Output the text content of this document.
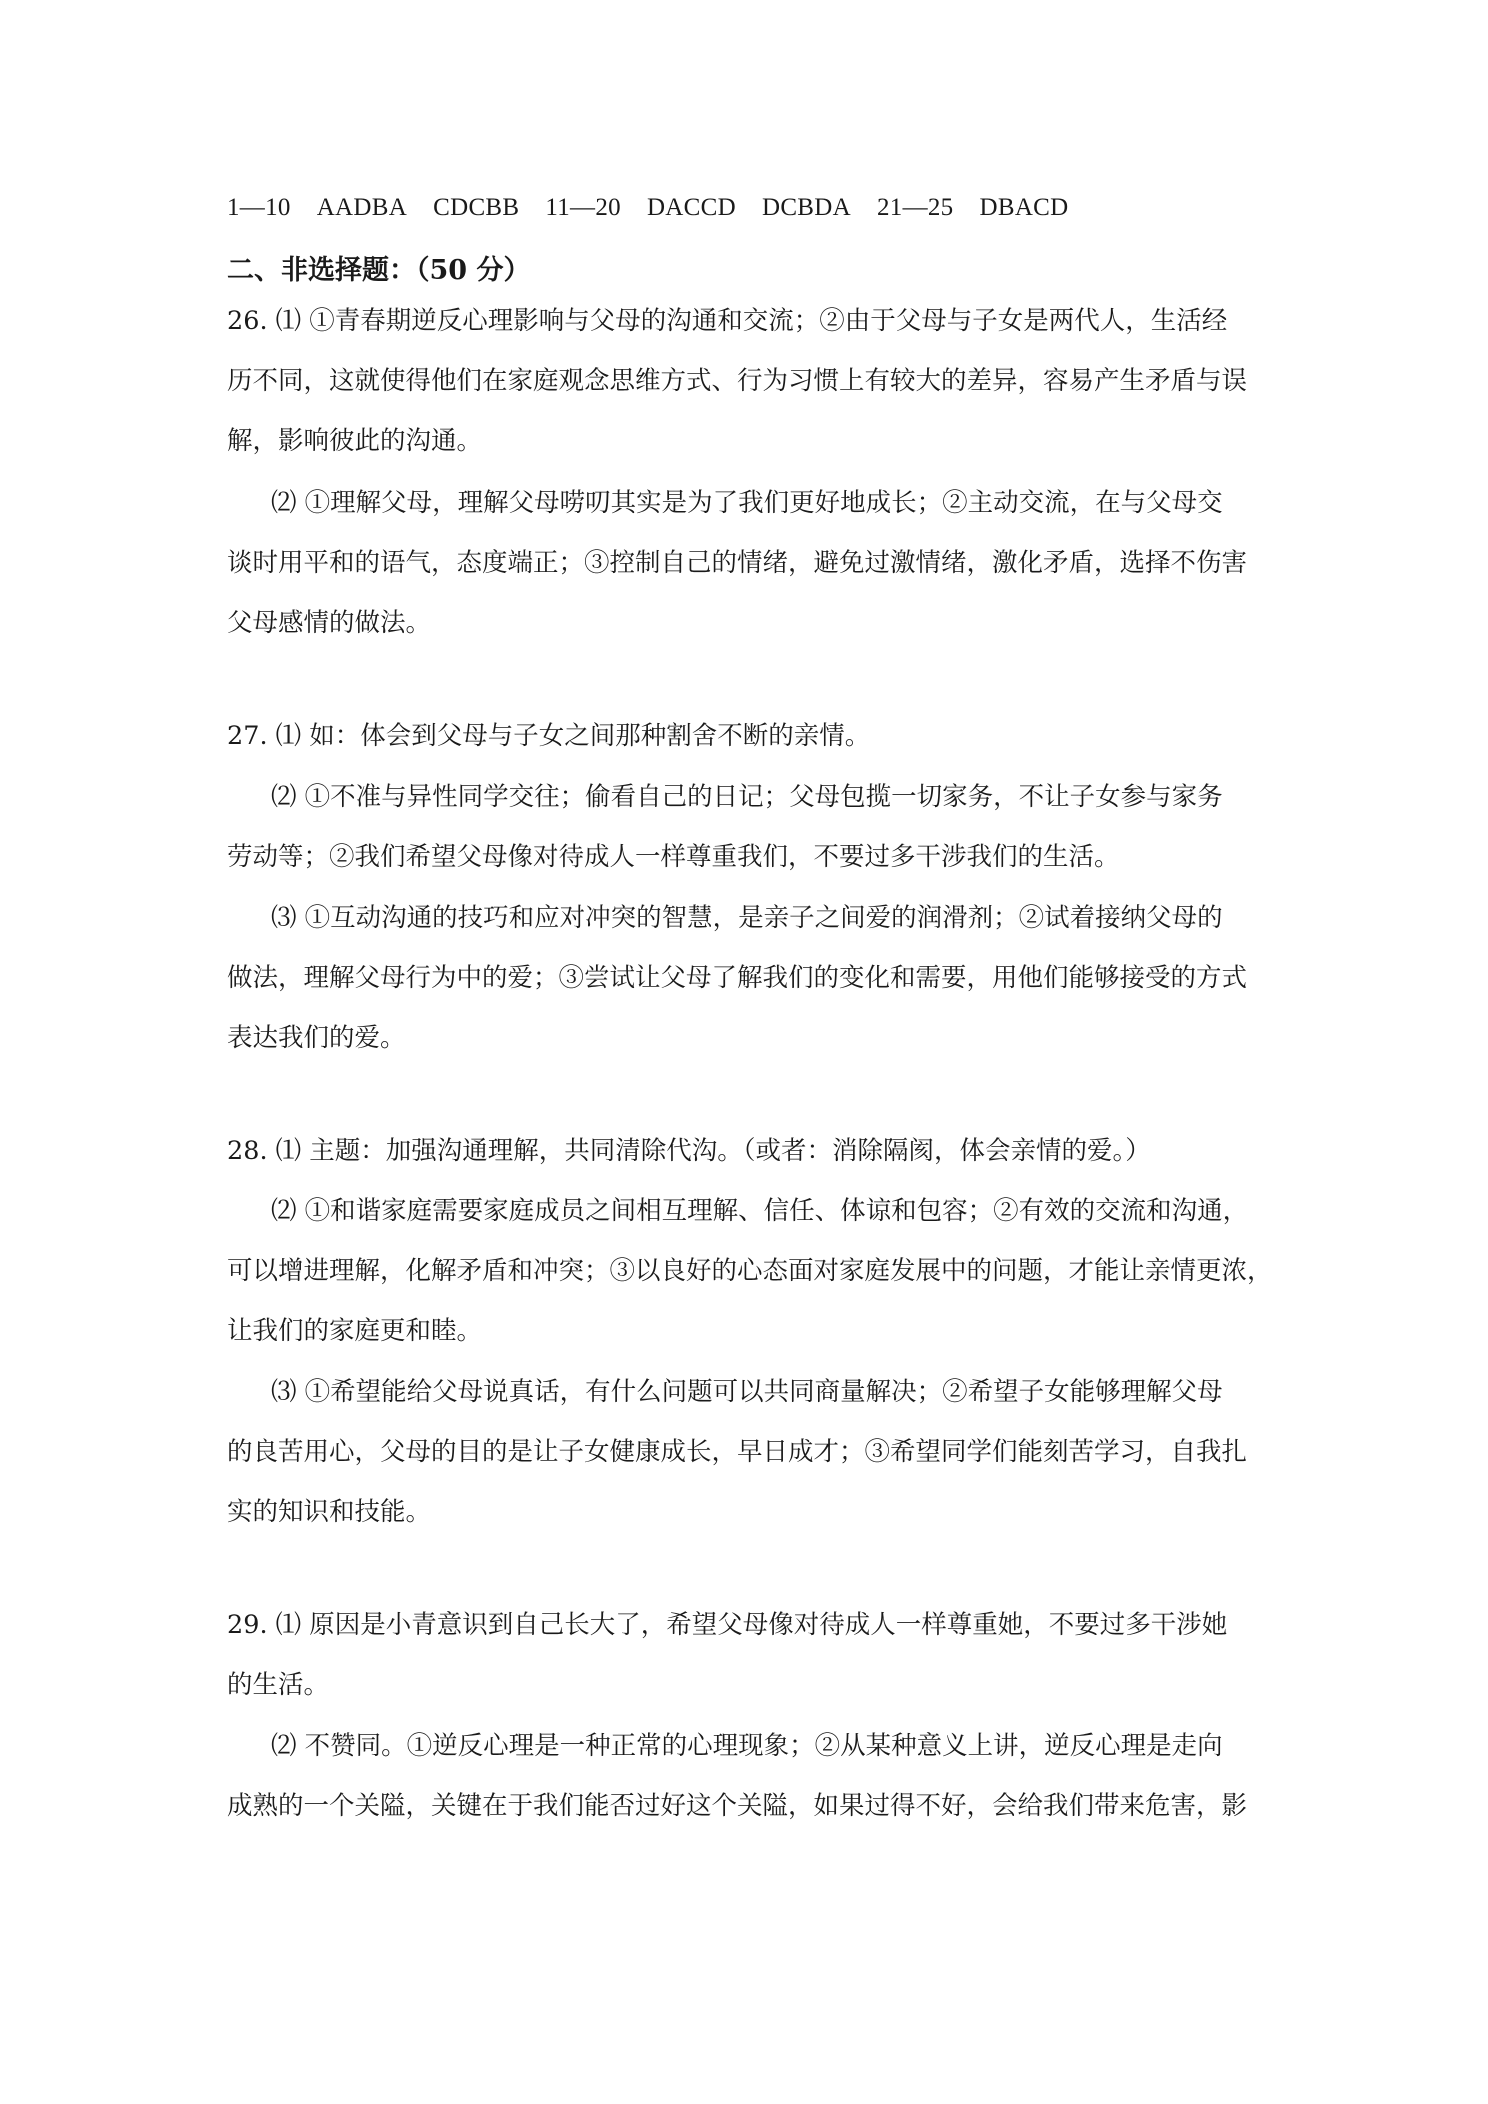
1—10 AADBA CDCBB 11—20 DACCD DCBDA 21—25 DBACD
二、非选择题：（50 分）
26. ⑴ ①青春期逆反心理影响与父母的沟通和交流；②由于父母与子女是两代人，生活经
历不同，这就使得他们在家庭观念思维方式、行为习惯上有较大的差异，容易产生矛盾与误
解，影响彼此的沟通。
⑵ ①理解父母，理解父母唠叨其实是为了我们更好地成长；②主动交流，在与父母交
谈时用平和的语气，态度端正；③控制自己的情绪，避免过激情绪，激化矛盾，选择不伤害
父母感情的做法。
27. ⑴ 如：体会到父母与子女之间那种割舍不断的亲情。
⑵ ①不准与异性同学交往；偷看自己的日记；父母包揽一切家务，不让子女参与家务
劳动等；②我们希望父母像对待成人一样尊重我们，不要过多干涉我们的生活。
⑶ ①互动沟通的技巧和应对冲突的智慧，是亲子之间爱的润滑剂；②试着接纳父母的
做法，理解父母行为中的爱；③尝试让父母了解我们的变化和需要，用他们能够接受的方式
表达我们的爱。
28. ⑴ 主题：加强沟通理解，共同清除代沟。（或者：消除隔阂，体会亲情的爱。）
⑵ ①和谐家庭需要家庭成员之间相互理解、信任、体谅和包容；②有效的交流和沟通，
可以增进理解，化解矛盾和冲突；③以良好的心态面对家庭发展中的问题，才能让亲情更浓，
让我们的家庭更和睦。
⑶ ①希望能给父母说真话，有什么问题可以共同商量解决；②希望子女能够理解父母
的良苦用心，父母的目的是让子女健康成长，早日成才；③希望同学们能刻苦学习，自我扎
实的知识和技能。
29. ⑴ 原因是小青意识到自己长大了，希望父母像对待成人一样尊重她，不要过多干涉她
的生活。
⑵ 不赞同。①逆反心理是一种正常的心理现象；②从某种意义上讲，逆反心理是走向
成熟的一个关隘，关键在于我们能否过好这个关隘，如果过得不好，会给我们带来危害，影
